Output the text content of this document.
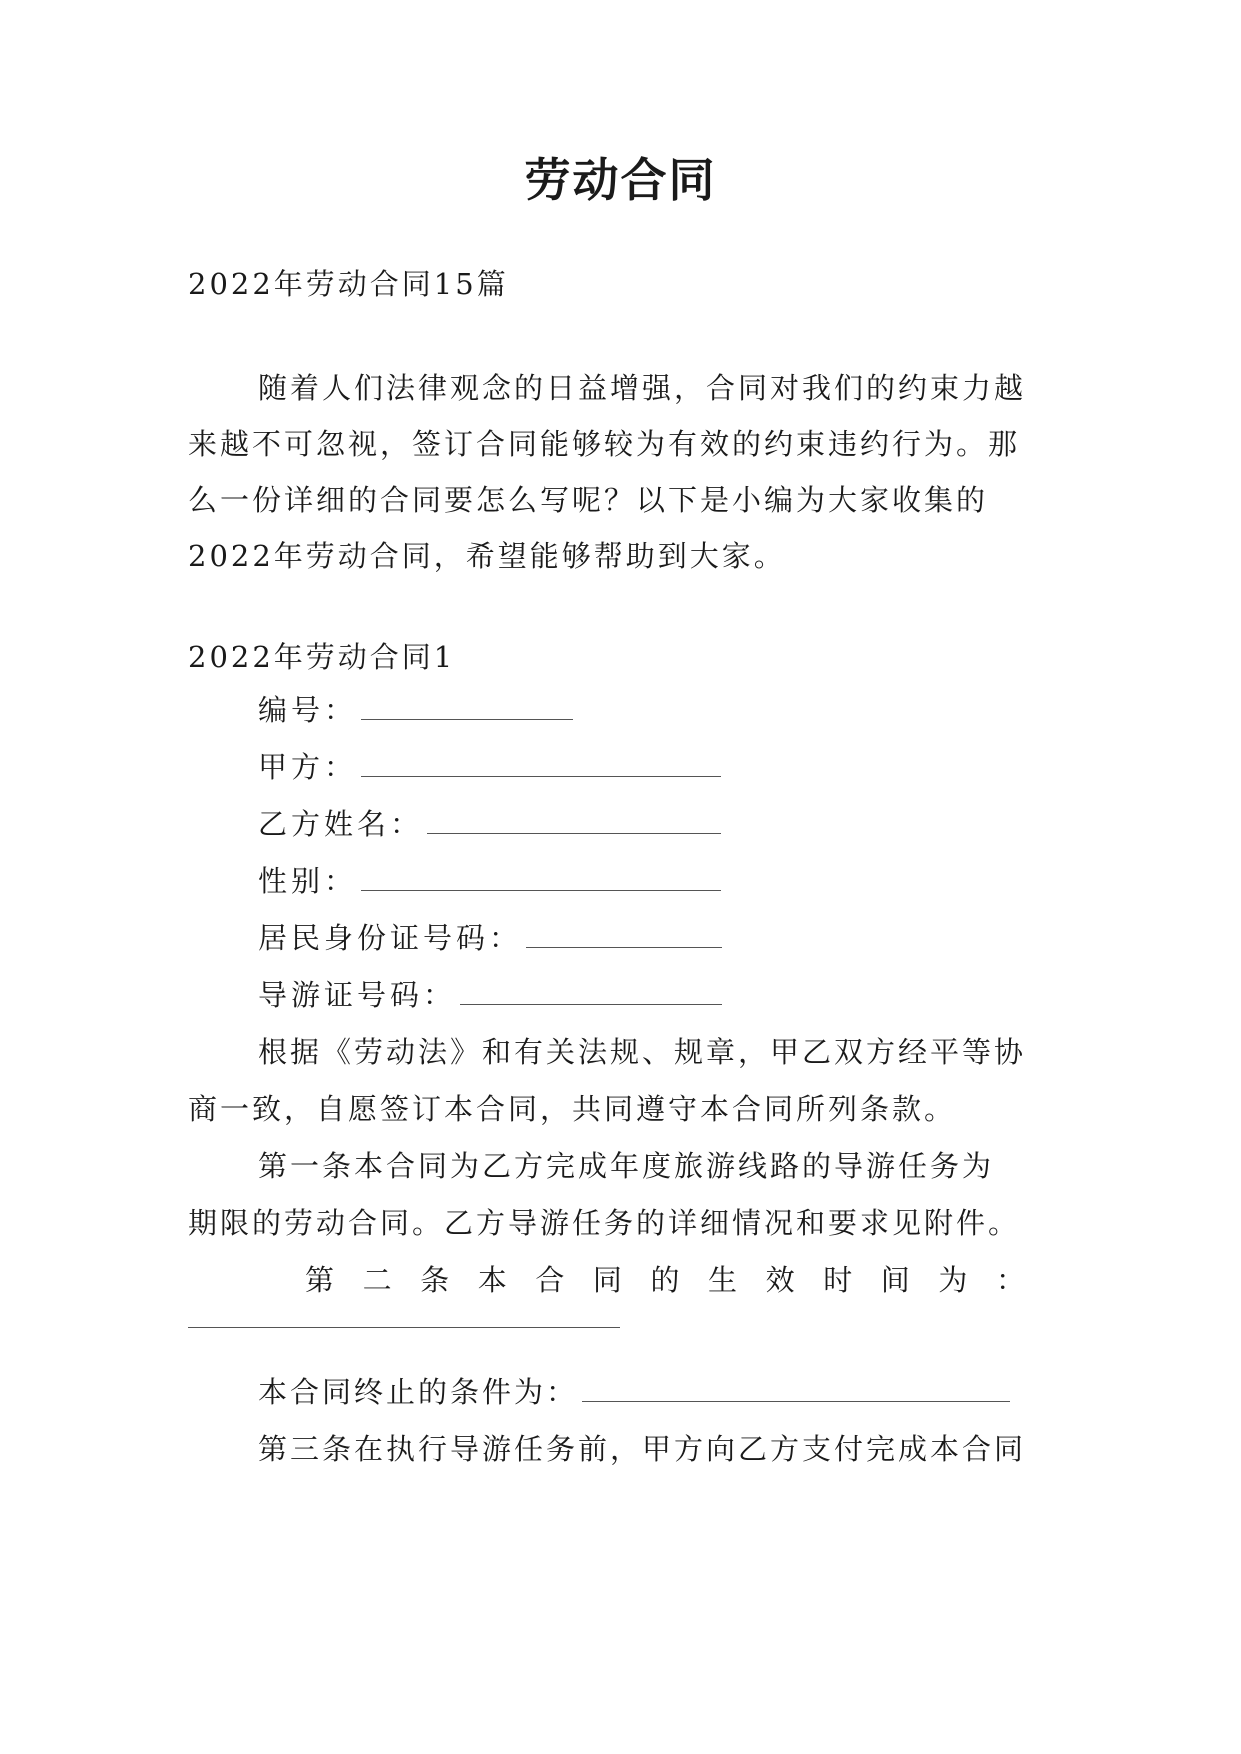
劳动合同
2022年劳动合同15篇
随着人们法律观念的日益增强，合同对我们的约束力越
来越不可忽视，签订合同能够较为有效的约束违约行为。那
么一份详细的合同要怎么写呢？以下是小编为大家收集的
2022年劳动合同，希望能够帮助到大家。
2022年劳动合同1
编号：
甲方：
乙方姓名：
性别：
居民身份证号码：
导游证号码：
根据《劳动法》和有关法规、规章，甲乙双方经平等协
商一致，自愿签订本合同，共同遵守本合同所列条款。
第一条本合同为乙方完成年度旅游线路的导游任务为
期限的劳动合同。乙方导游任务的详细情况和要求见附件。
第 二 条 本 合 同 的 生 效 时 间 为 ：
本合同终止的条件为：
第三条在执行导游任务前，甲方向乙方支付完成本合同
